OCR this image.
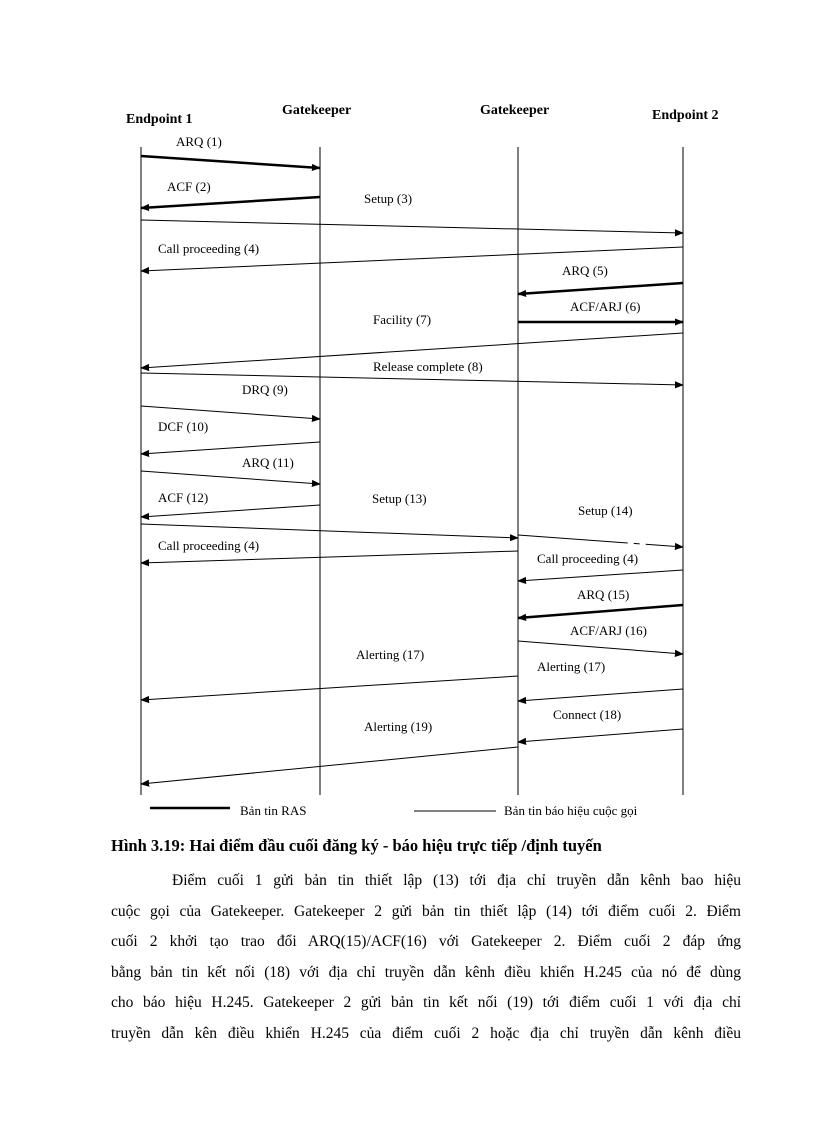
Endpoint 1
Gatekeeper	Gatekeeper	Endpoint 2
ARQ (1)
ACF (2)
Setup (3)
Call proceeding (4)
ARQ (5)
ACF/ARJ (6)
Facility (7)
Release complete (8)
DRQ (9)
DCF (10)
ARQ (11)
ACF (12)	Setup (13)
Setup (14)
Call proceeding (4)
Call proceeding (4)
ARQ (15)
ACF/ARJ (16)
Alerting (17)
Alerting (17)
Connect (18)
Alerting (19)
Bản tin RAS	Bản tin báo hiệu cuộc gọi

Hình 3.19: Hai điểm đầu cuối đăng ký - báo hiệu trực tiếp /định tuyến

Điểm cuối 1 gửi bản tin thiết lập (13) tới địa chỉ truyền dẫn kênh bao hiệu
cuộc gọi của Gatekeeper. Gatekeeper 2 gửi bản tin thiết lập (14) tới điểm cuối 2. Điểm
cuối 2 khởi tạo trao đổi ARQ(15)/ACF(16) với Gatekeeper 2. Điểm cuối 2 đáp ứng
bằng bản tin kết nối (18) với địa chỉ truyền dẫn kênh điều khiển H.245 của nó để dùng
cho báo hiệu H.245. Gatekeeper 2 gửi bản tin kết nối (19) tới điểm cuối 1 với địa chỉ
truyền dẫn kên điều khiển H.245 của điểm cuối 2 hoặc địa chỉ truyền dẫn kênh điều
